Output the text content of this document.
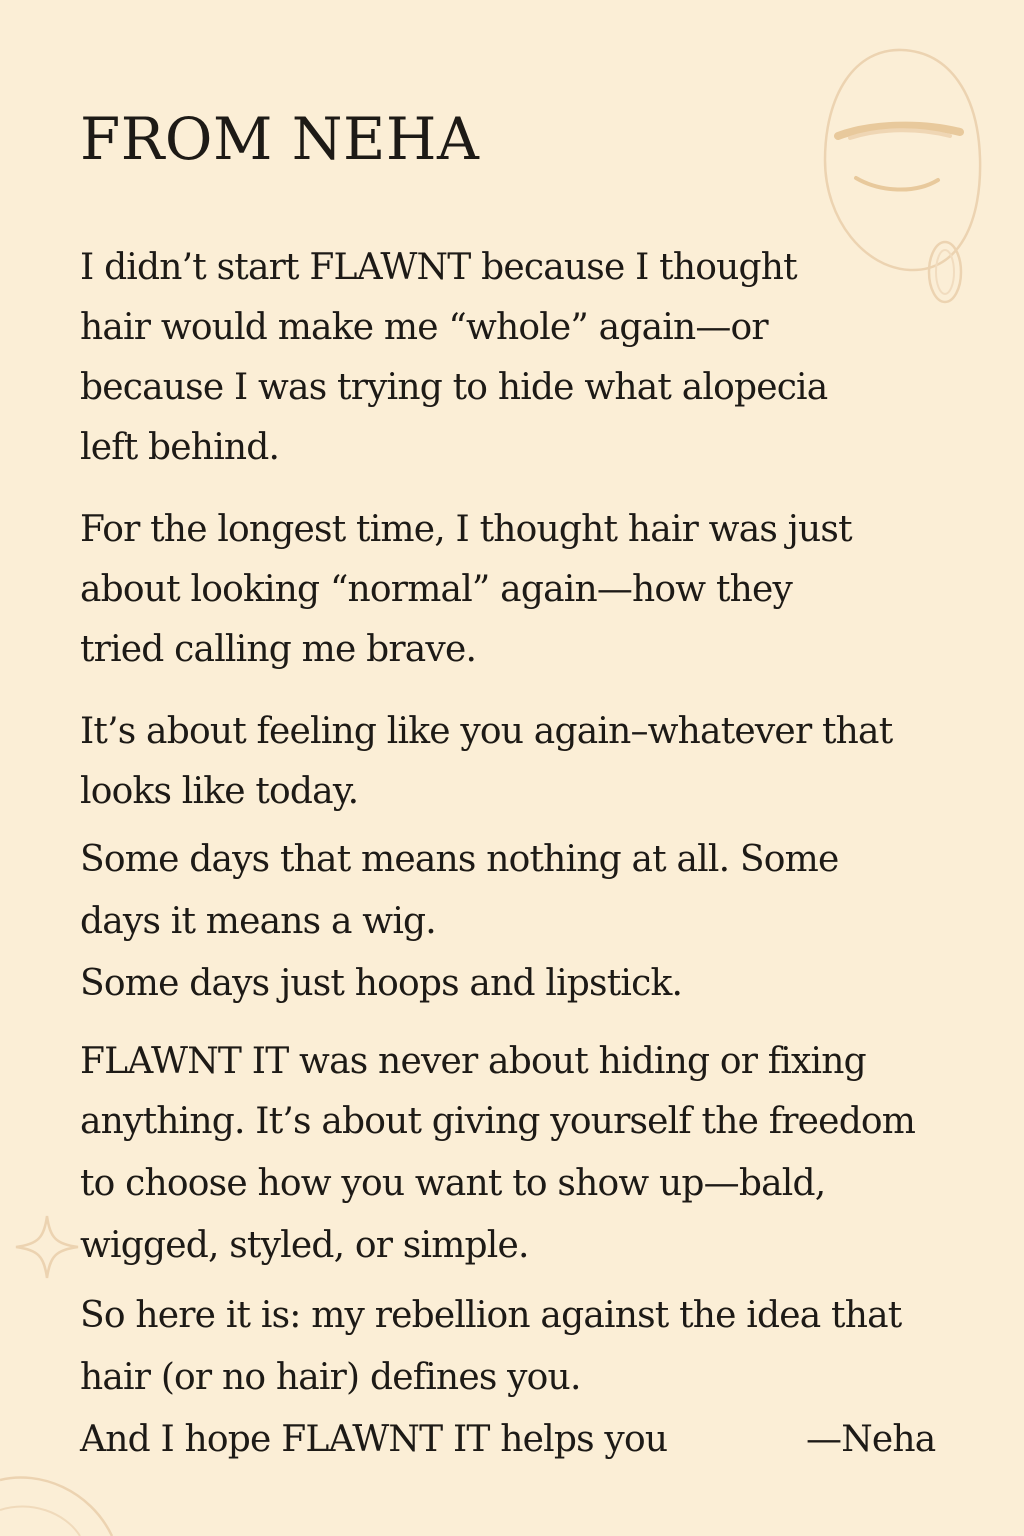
FROM NEHA

I didn’t start FLAWNT because I thought

hair would make me “whole” again—or

because I was trying to hide what alopecia

left behind.

For the longest time, I thought hair was just

about looking “normal” again—how they

tried calling me brave.

It’s about feeling like you again–whatever that

looks like today.

Some days that means nothing at all. Some

days it means a wig.

Some days just hoops and lipstick.

FLAWNT IT was never about hiding or fixing

anything. It’s about giving yourself the freedom

to choose how you want to show up—bald,

wigged, styled, or simple.

So here it is: my rebellion against the idea that

hair (or no hair) defines you.

And I hope FLAWNT IT helps you	—Neha
